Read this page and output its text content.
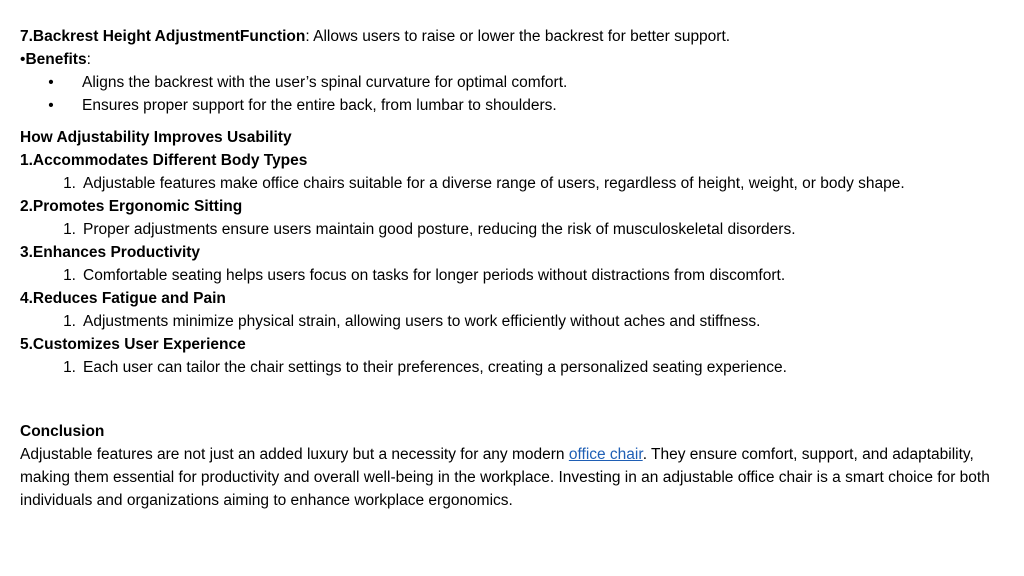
7.Backrest Height AdjustmentFunction: Allows users to raise or lower the backrest for better support.

•Benefits:

•	Aligns the backrest with the user’s spinal curvature for optimal comfort.
•	Ensures proper support for the entire back, from lumbar to shoulders.

How Adjustability Improves Usability

1.Accommodates Different Body Types

1. Adjustable features make office chairs suitable for a diverse range of users, regardless of height, weight, or body shape.

2.Promotes Ergonomic Sitting

1. Proper adjustments ensure users maintain good posture, reducing the risk of musculoskeletal disorders.

3.Enhances Productivity

1. Comfortable seating helps users focus on tasks for longer periods without distractions from discomfort.

4.Reduces Fatigue and Pain

1. Adjustments minimize physical strain, allowing users to work efficiently without aches and stiffness.

5.Customizes User Experience

1. Each user can tailor the chair settings to their preferences, creating a personalized seating experience.

Conclusion

Adjustable features are not just an added luxury but a necessity for any modern office chair. They ensure comfort, support, and adaptability, making them essential for productivity and overall well-being in the workplace. Investing in an adjustable office chair is a smart choice for both individuals and organizations aiming to enhance workplace ergonomics.
